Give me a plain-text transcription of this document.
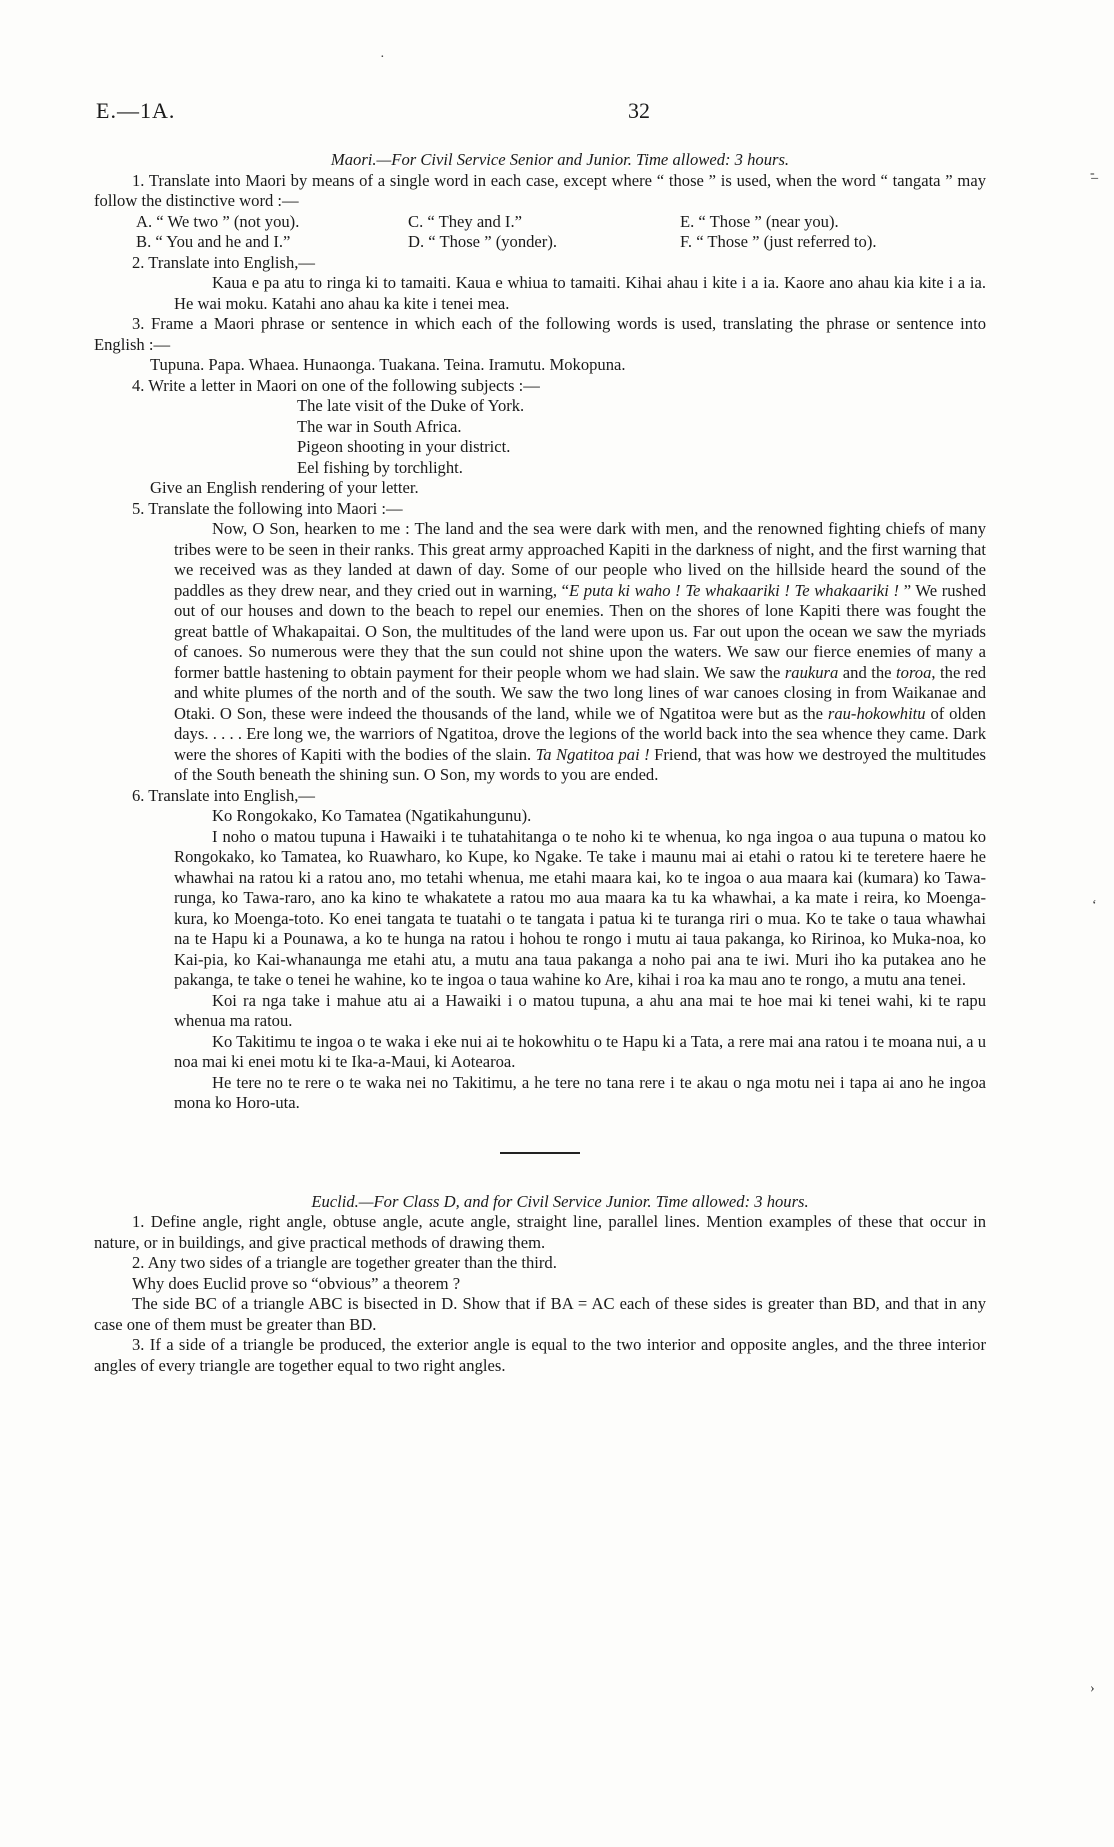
·
-̲
‘
›
E.—1A.	32

Maori.—For Civil Service Senior and Junior. Time allowed: 3 hours.

1. Translate into Maori by means of a single word in each case, except where “ those ” is used, when the word “ tangata ” may follow the distinctive word :—

A. “ We two ” (not you).	C. “ They and I.”	E. “ Those ” (near you).
B. “ You and he and I.”	D. “ Those ” (yonder).	F. “ Those ” (just referred to).

2. Translate into English,—

Kaua e pa atu to ringa ki to tamaiti. Kaua e whiua to tamaiti. Kihai ahau i kite i a ia. Kaore ano ahau kia kite i a ia. He wai moku. Katahi ano ahau ka kite i tenei mea.

3. Frame a Maori phrase or sentence in which each of the following words is used, translating the phrase or sentence into English :—

Tupuna. Papa. Whaea. Hunaonga. Tuakana. Teina. Iramutu. Mokopuna.

4. Write a letter in Maori on one of the following subjects :—

The late visit of the Duke of York.

The war in South Africa.

Pigeon shooting in your district.

Eel fishing by torchlight.

Give an English rendering of your letter.

5. Translate the following into Maori :—

Now, O Son, hearken to me : The land and the sea were dark with men, and the renowned fighting chiefs of many tribes were to be seen in their ranks. This great army approached Kapiti in the darkness of night, and the first warning that we received was as they landed at dawn of day. Some of our people who lived on the hillside heard the sound of the paddles as they drew near, and they cried out in warning, “E puta ki waho ! Te whakaariki ! Te whakaariki ! ” We rushed out of our houses and down to the beach to repel our enemies. Then on the shores of lone Kapiti there was fought the great battle of Whakapaitai. O Son, the multitudes of the land were upon us. Far out upon the ocean we saw the myriads of canoes. So numerous were they that the sun could not shine upon the waters. We saw our fierce enemies of many a former battle hastening to obtain payment for their people whom we had slain. We saw the raukura and the toroa, the red and white plumes of the north and of the south. We saw the two long lines of war canoes closing in from Waikanae and Otaki. O Son, these were indeed the thousands of the land, while we of Ngatitoa were but as the rau-hokowhitu of olden days. . . . . Ere long we, the warriors of Ngatitoa, drove the legions of the world back into the sea whence they came. Dark were the shores of Kapiti with the bodies of the slain. Ta Ngatitoa pai ! Friend, that was how we destroyed the multitudes of the South beneath the shining sun. O Son, my words to you are ended.

6. Translate into English,—

Ko Rongokako, Ko Tamatea (Ngatikahungunu).

I noho o matou tupuna i Hawaiki i te tuhatahitanga o te noho ki te whenua, ko nga ingoa o aua tupuna o matou ko Rongokako, ko Tamatea, ko Ruawharo, ko Kupe, ko Ngake. Te take i maunu mai ai etahi o ratou ki te teretere haere he whawhai na ratou ki a ratou ano, mo tetahi whenua, me etahi maara kai, ko te ingoa o aua maara kai (kumara) ko Tawa-runga, ko Tawa-raro, ano ka kino te whakatete a ratou mo aua maara ka tu ka whawhai, a ka mate i reira, ko Moenga-kura, ko Moenga-toto. Ko enei tangata te tuatahi o te tangata i patua ki te turanga riri o mua. Ko te take o taua whawhai na te Hapu ki a Pounawa, a ko te hunga na ratou i hohou te rongo i mutu ai taua pakanga, ko Ririnoa, ko Muka-noa, ko Kai-pia, ko Kai-whanaunga me etahi atu, a mutu ana taua pakanga a noho pai ana te iwi. Muri iho ka putakea ano he pakanga, te take o tenei he wahine, ko te ingoa o taua wahine ko Are, kihai i roa ka mau ano te rongo, a mutu ana tenei.

Koi ra nga take i mahue atu ai a Hawaiki i o matou tupuna, a ahu ana mai te hoe mai ki tenei wahi, ki te rapu whenua ma ratou.

Ko Takitimu te ingoa o te waka i eke nui ai te hokowhitu o te Hapu ki a Tata, a rere mai ana ratou i te moana nui, a u noa mai ki enei motu ki te Ika-a-Maui, ki Aotearoa.

He tere no te rere o te waka nei no Takitimu, a he tere no tana rere i te akau o nga motu nei i tapa ai ano he ingoa mona ko Horo-uta.

Euclid.—For Class D, and for Civil Service Junior. Time allowed: 3 hours.

1. Define angle, right angle, obtuse angle, acute angle, straight line, parallel lines. Mention examples of these that occur in nature, or in buildings, and give practical methods of drawing them.

2. Any two sides of a triangle are together greater than the third.

Why does Euclid prove so “obvious” a theorem ?

The side BC of a triangle ABC is bisected in D. Show that if BA = AC each of these sides is greater than BD, and that in any case one of them must be greater than BD.

3. If a side of a triangle be produced, the exterior angle is equal to the two interior and opposite angles, and the three interior angles of every triangle are together equal to two right angles.
